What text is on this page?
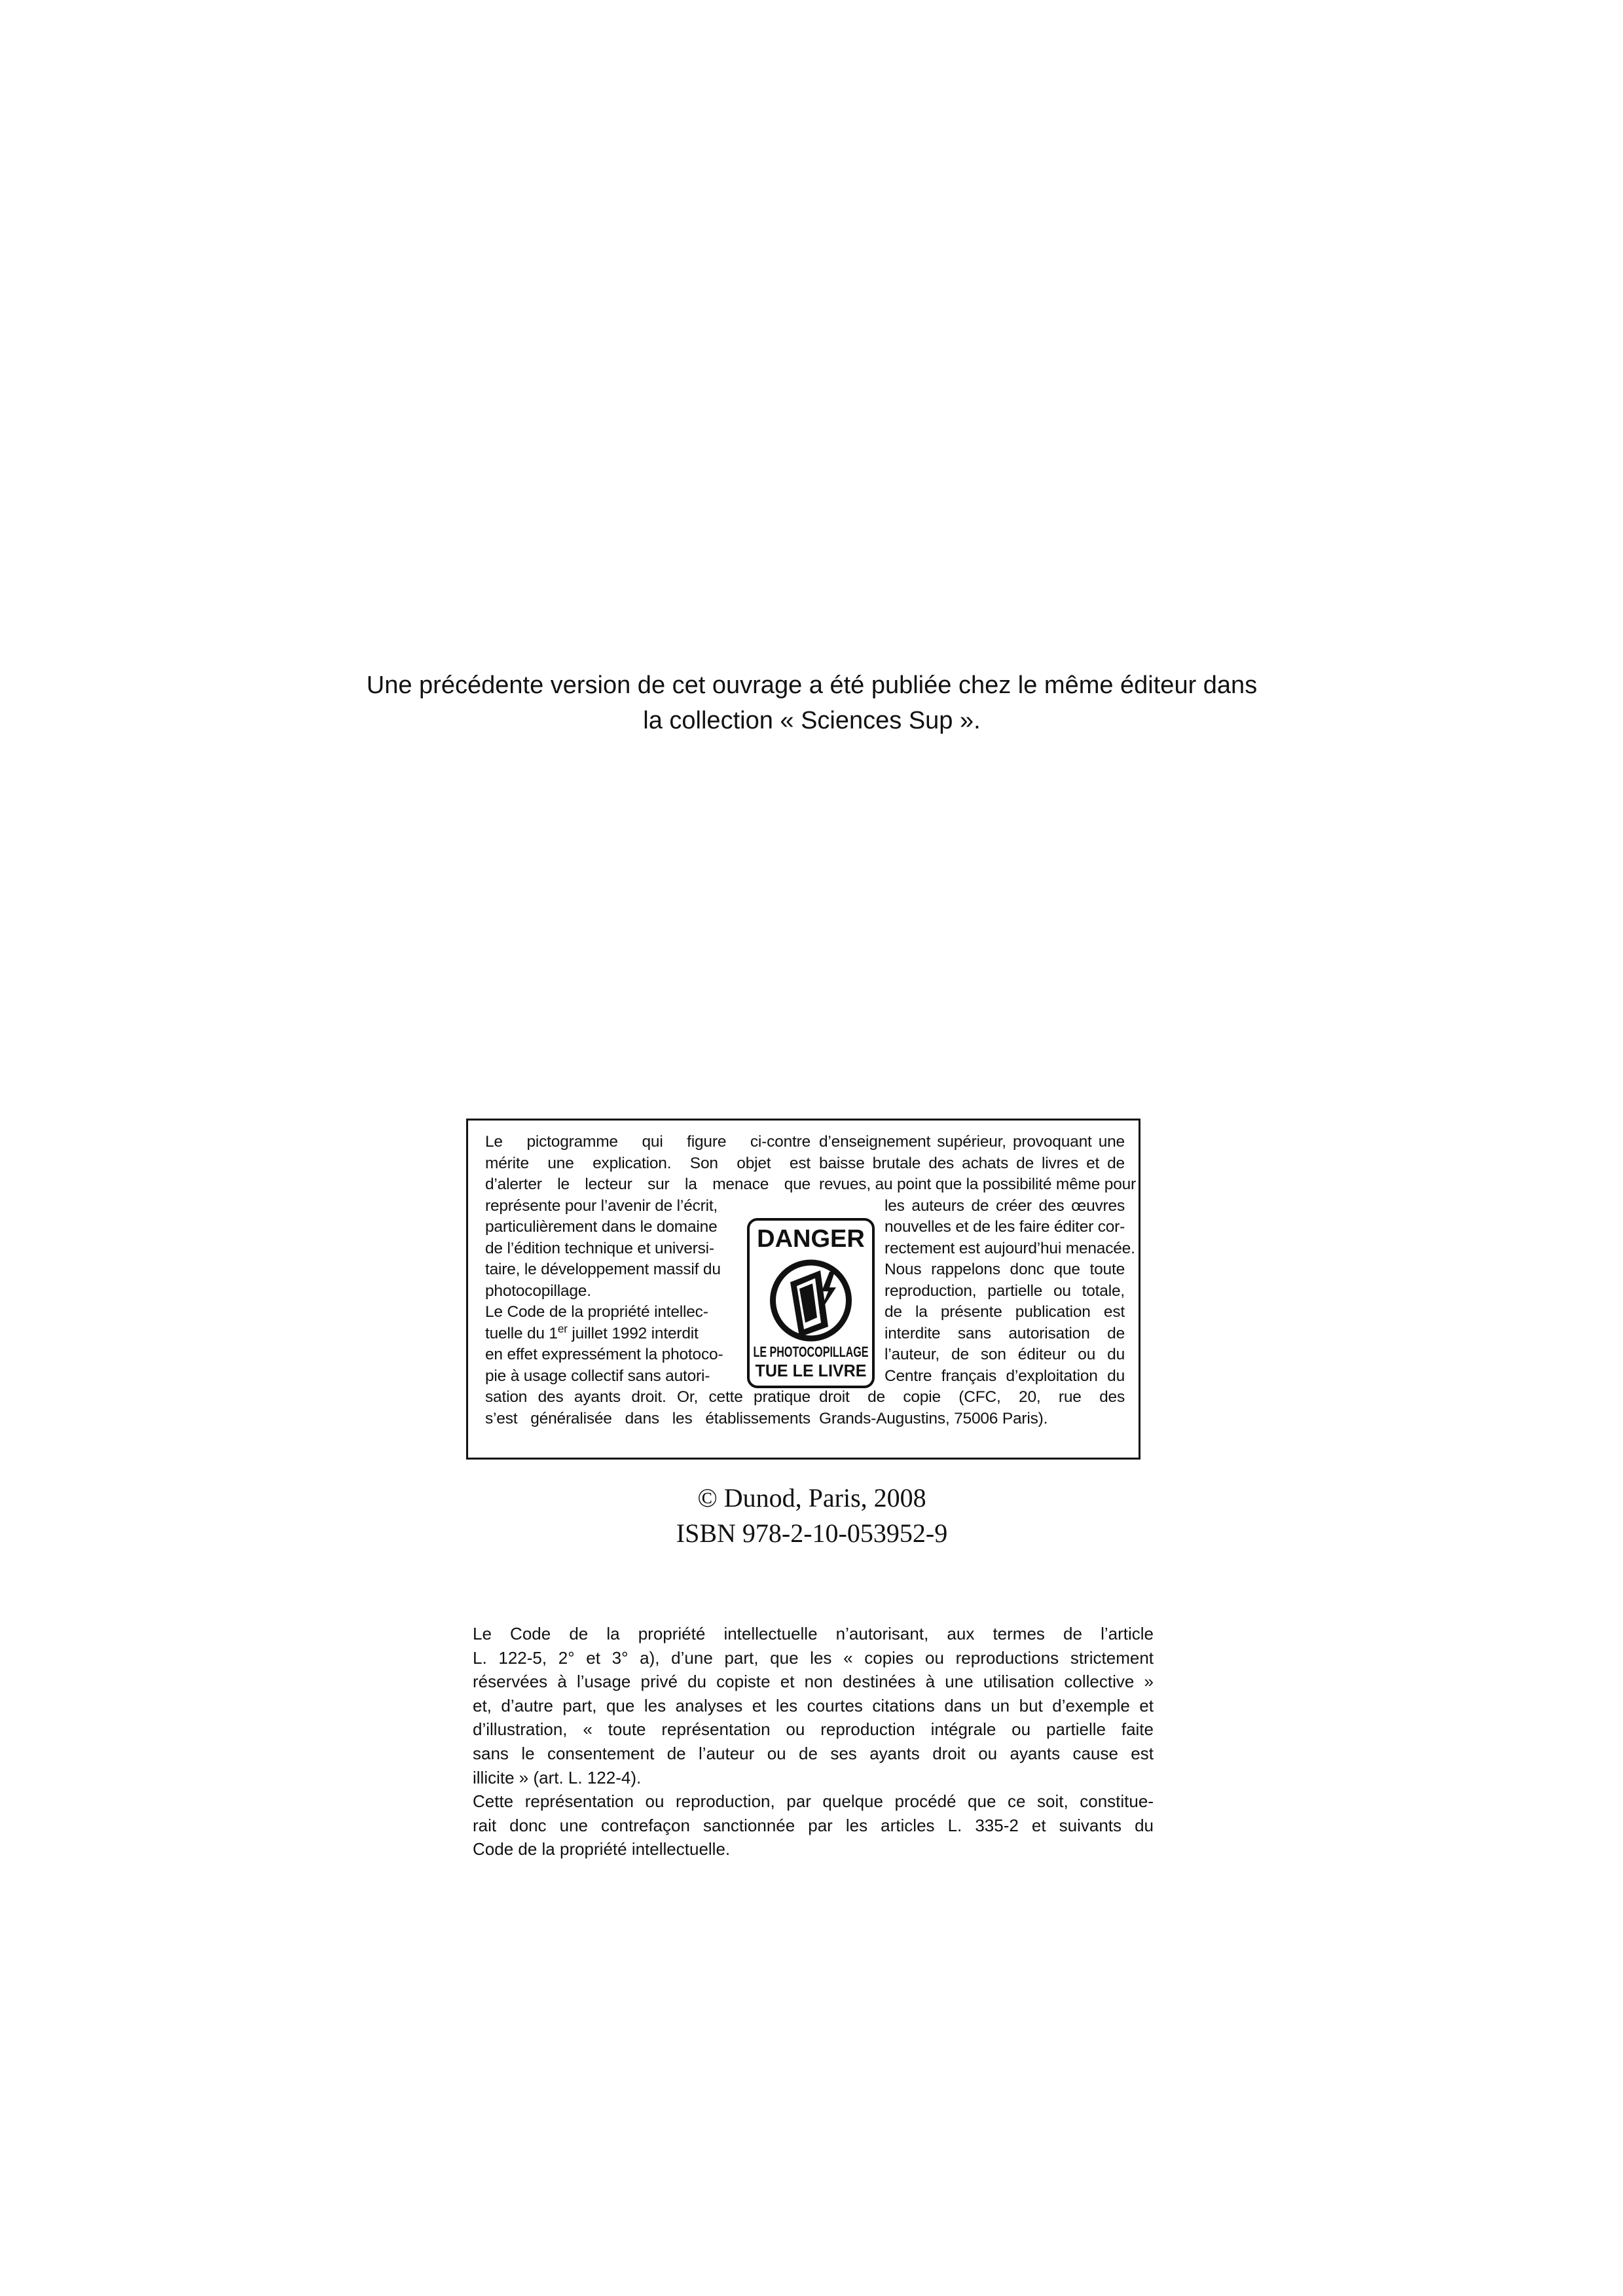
Une précédente version de cet ouvrage a été publiée chez le même éditeur dans
la collection « Sciences Sup ».
Le pictogramme qui figure ci-contre
mérite une explication. Son objet est
d’alerter le lecteur sur la menace que
représente pour l’avenir de l’écrit,
particulièrement dans le domaine
de l’édition technique et universi-
taire, le développement massif du
photocopillage.
Le Code de la propriété intellec-
tuelle du 1er juillet 1992 interdit
en effet expressément la photoco-
pie à usage collectif sans autori-
sation des ayants droit. Or, cette pratique
s’est généralisée dans les établissements
DANGER
LE PHOTOCOPILLAGE
TUE LE LIVRE
d’enseignement supérieur, provoquant une
baisse brutale des achats de livres et de
revues, au point que la possibilité même pour
les auteurs de créer des œuvres
nouvelles et de les faire éditer cor-
rectement est aujourd’hui menacée.
Nous rappelons donc que toute
reproduction, partielle ou totale,
de la présente publication est
interdite sans autorisation de
l’auteur, de son éditeur ou du
Centre français d’exploitation du
droit de copie (CFC, 20, rue des
Grands-Augustins, 75006 Paris).
© Dunod, Paris, 2008
ISBN 978-2-10-053952-9
Le Code de la propriété intellectuelle n’autorisant, aux termes de l’article
L. 122-5, 2° et 3° a), d’une part, que les « copies ou reproductions strictement
réservées à l’usage privé du copiste et non destinées à une utilisation collective »
et, d’autre part, que les analyses et les courtes citations dans un but d’exemple et
d’illustration, « toute représentation ou reproduction intégrale ou partielle faite
sans le consentement de l’auteur ou de ses ayants droit ou ayants cause est
illicite » (art. L. 122-4).
Cette représentation ou reproduction, par quelque procédé que ce soit, constitue-
rait donc une contrefaçon sanctionnée par les articles L. 335-2 et suivants du
Code de la propriété intellectuelle.
